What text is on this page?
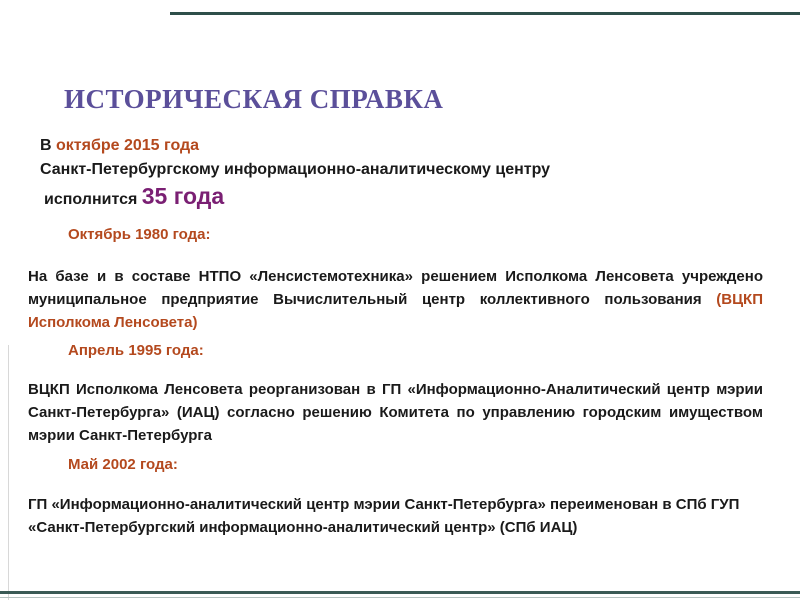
ИСТОРИЧЕСКАЯ СПРАВКА
В октябре 2015 года
Санкт-Петербургскому информационно-аналитическому центру
исполнится 35 года
Октябрь 1980 года:
На базе и в составе НТПО «Ленсистемотехника» решением Исполкома Ленсовета учреждено муниципальное предприятие Вычислительный центр коллективного пользования (ВЦКП Исполкома Ленсовета)
Апрель 1995 года:
ВЦКП Исполкома Ленсовета реорганизован в ГП «Информационно-Аналитический центр мэрии Санкт-Петербурга» (ИАЦ) согласно решению Комитета по управлению городским имуществом мэрии Санкт-Петербурга
Май 2002 года:
ГП «Информационно-аналитический центр мэрии Санкт-Петербурга» переименован в СПб ГУП «Санкт-Петербургский информационно-аналитический центр» (СПб ИАЦ)
